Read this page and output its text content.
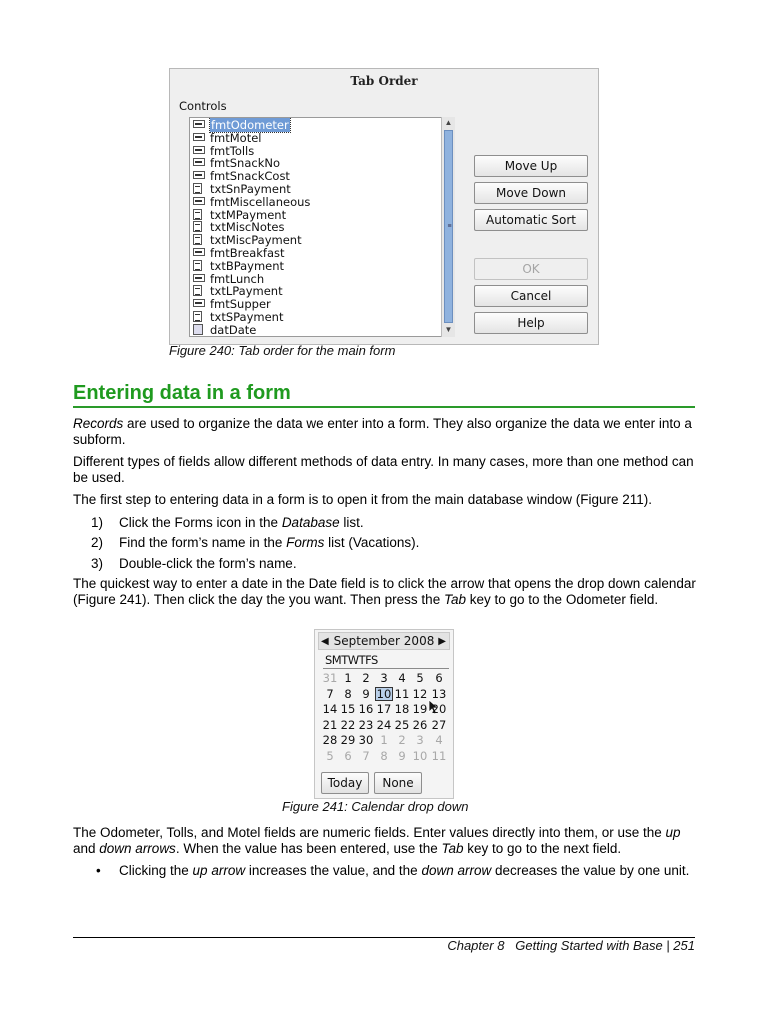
Tab Order
Controls
fmtOdometer
fmtMotel
fmtTolls
fmtSnackNo
fmtSnackCost
txtSnPayment
fmtMiscellaneous
txtMPayment
txtMiscNotes
txtMiscPayment
fmtBreakfast
txtBPayment
fmtLunch
txtLPayment
fmtSupper
txtSPayment
datDate
▲
≡
▼
Move Up
Move Down
Automatic Sort
OK
Cancel
Help
Figure 240: Tab order for the main form
Entering data in a form
Records are used to organize the data we enter into a form. They also organize the data we enter into a subform.
Different types of fields allow different methods of data entry. In many cases, more than one method can be used.
The first step to entering data in a form is to open it from the main database window (Figure 211).
1) Click the Forms icon in the Database list.
2) Find the form’s name in the Forms list (Vacations).
3) Double-click the form’s name.
The quickest way to enter a date in the Date field is to click the arrow that opens the drop down calendar (Figure 241). Then click the day the you want. Then press the Tab key to go to the Odometer field.
September 2008
◀	▶
SMTWTFS
Today	None
31 1 2 3 4 5	6
7 8 9 10 11 12 13
14 15 16 17 18 19 20
21 22 23 24 25 26 27
28 29 30 1 2 3	4
5 6 7 8 9 10 11
Figure 241: Calendar drop down
The Odometer, Tolls, and Motel fields are numeric fields. Enter values directly into them, or use the up and down arrows. When the value has been entered, use the Tab key to go to the next field.
•	Clicking the up arrow increases the value, and the down arrow decreases the value by one unit.
Chapter 8 Getting Started with Base | 251
